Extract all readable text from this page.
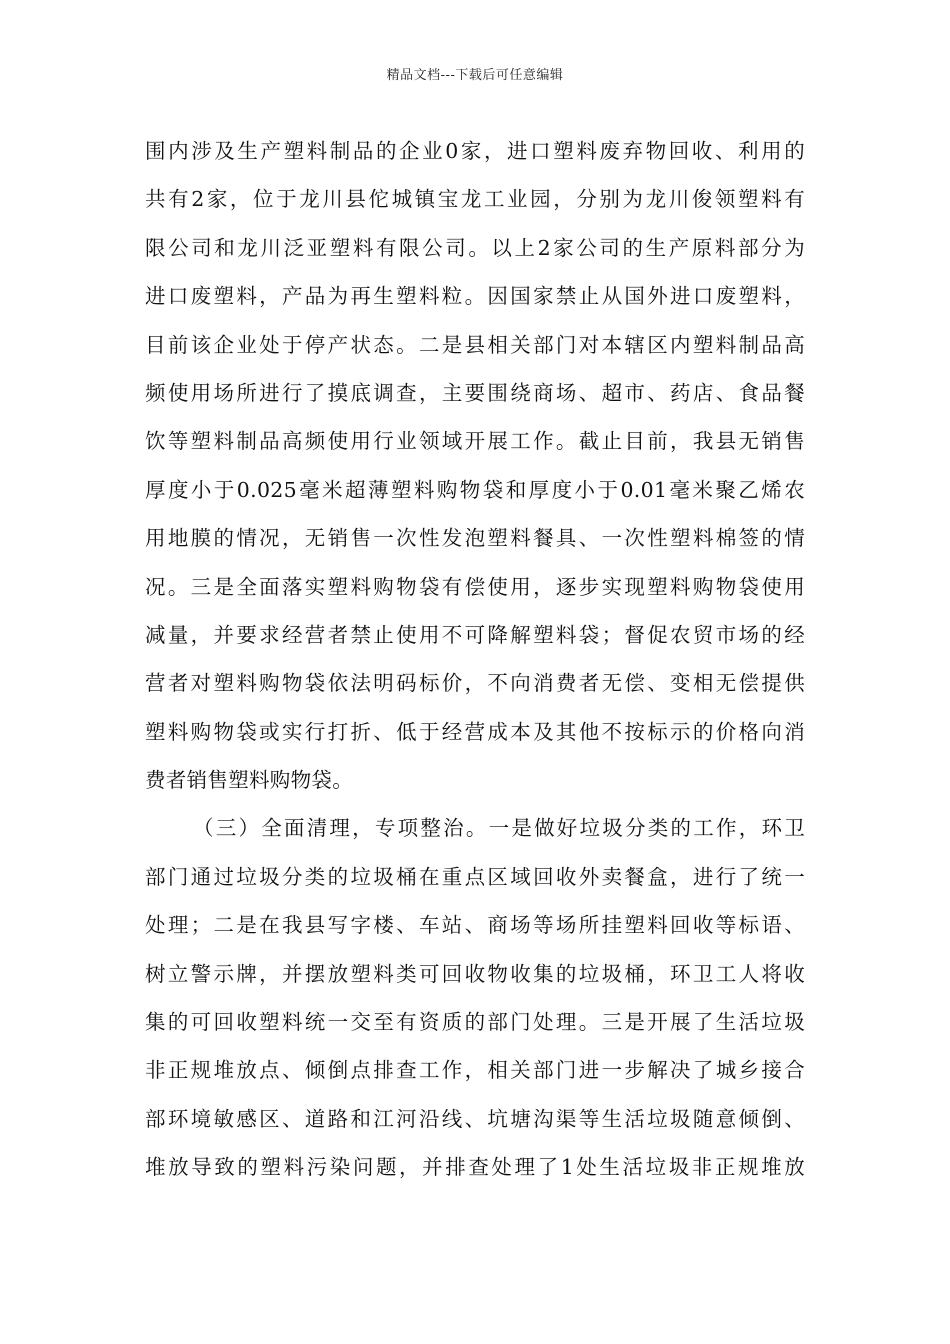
精品文档---下载后可任意编辑
围内涉及生产塑料制品的企业0家，进口塑料废弃物回收、利用的
共有2家，位于龙川县佗城镇宝龙工业园，分别为龙川俊领塑料有
限公司和龙川泛亚塑料有限公司。以上2家公司的生产原料部分为
进口废塑料，产品为再生塑料粒。因国家禁止从国外进口废塑料，
目前该企业处于停产状态。二是县相关部门对本辖区内塑料制品高
频使用场所进行了摸底调查，主要围绕商场、超市、药店、食品餐
饮等塑料制品高频使用行业领域开展工作。截止目前，我县无销售
厚度小于0.025毫米超薄塑料购物袋和厚度小于0.01毫米聚乙烯农
用地膜的情况，无销售一次性发泡塑料餐具、一次性塑料棉签的情
况。三是全面落实塑料购物袋有偿使用，逐步实现塑料购物袋使用
减量，并要求经营者禁止使用不可降解塑料袋；督促农贸市场的经
营者对塑料购物袋依法明码标价，不向消费者无偿、变相无偿提供
塑料购物袋或实行打折、低于经营成本及其他不按标示的价格向消
费者销售塑料购物袋。
（三）全面清理，专项整治。一是做好垃圾分类的工作，环卫
部门通过垃圾分类的垃圾桶在重点区域回收外卖餐盒，进行了统一
处理；二是在我县写字楼、车站、商场等场所挂塑料回收等标语、
树立警示牌，并摆放塑料类可回收物收集的垃圾桶，环卫工人将收
集的可回收塑料统一交至有资质的部门处理。三是开展了生活垃圾
非正规堆放点、倾倒点排查工作，相关部门进一步解决了城乡接合
部环境敏感区、道路和江河沿线、坑塘沟渠等生活垃圾随意倾倒、
堆放导致的塑料污染问题，并排查处理了1处生活垃圾非正规堆放
